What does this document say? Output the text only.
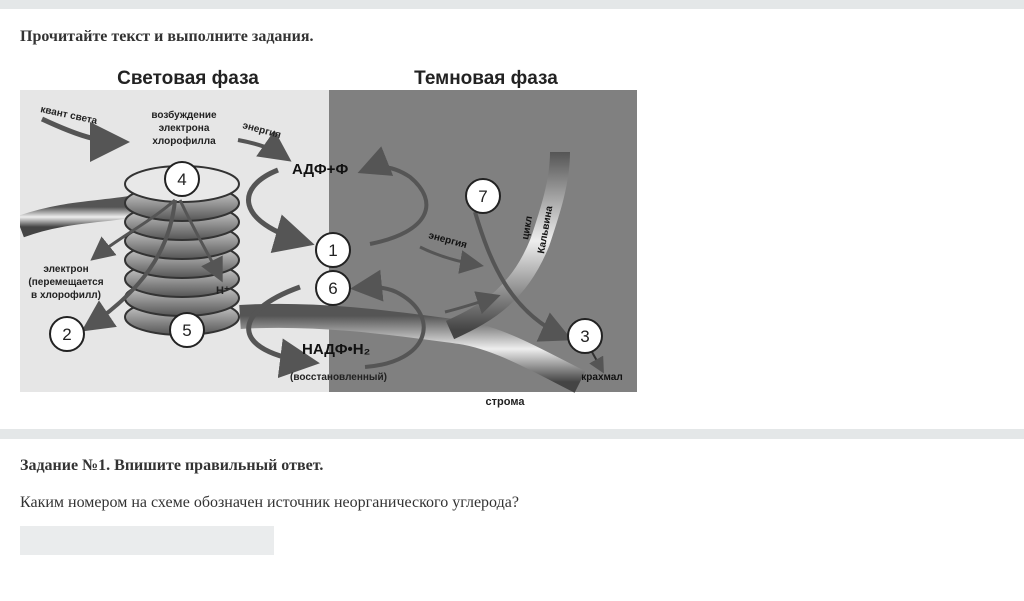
Прочитайте текст и выполните задания.
Световая фаза	Темновая фаза
квант света	возбуждение
электрона
хлорофилла
энергия
АДФ+Ф
электрон
(перемещается
в хлорофилл)	H⁺
НАДФ•Н₂
(восстановленный)
энергия
цикл Кальвина
крахмал
строма
4
1
6
7
2	5	3
Задание №1. Впишите правильный ответ.
Каким номером на схеме обозначен источник неорганического углерода?
